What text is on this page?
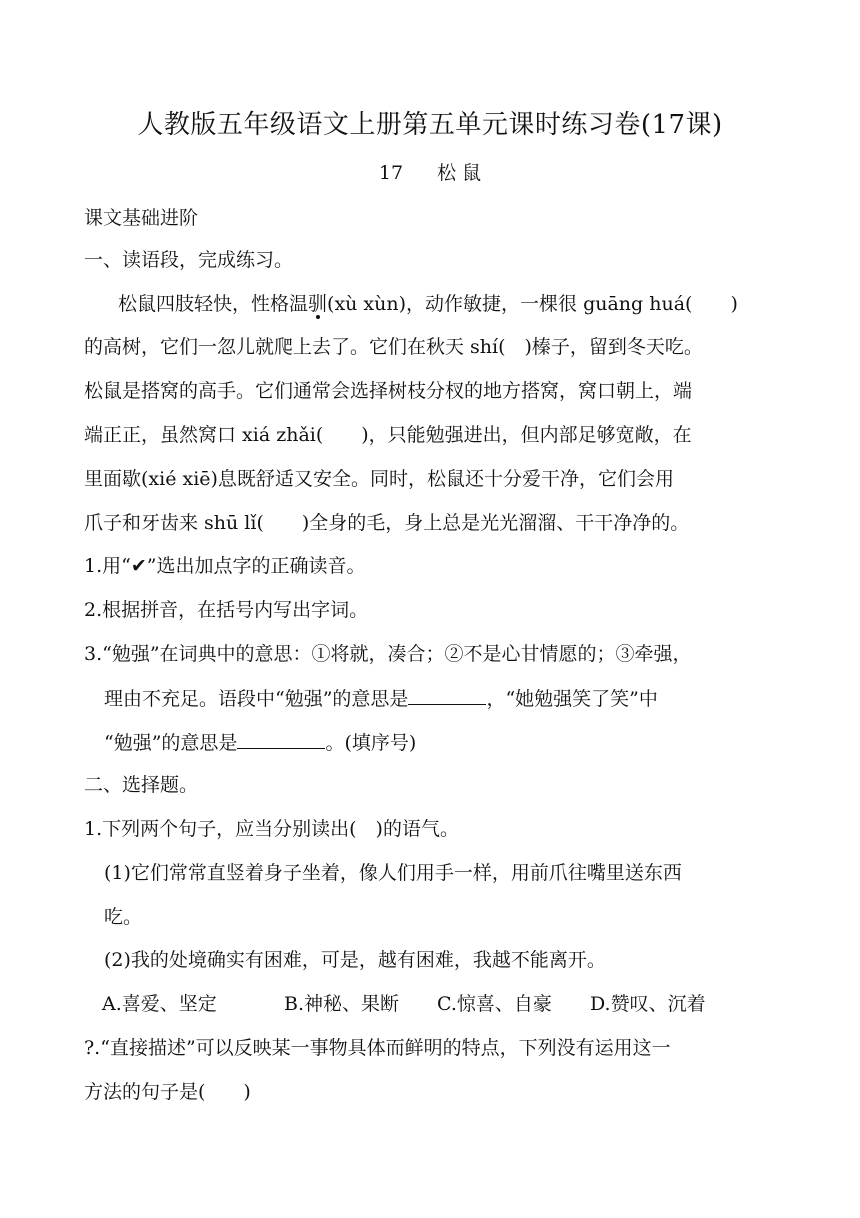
人教版五年级语文上册第五单元课时练习卷(17课)
17 松 鼠
课文基础进阶
一、读语段，完成练习。
松鼠四肢轻快，性格温驯(xù xùn)，动作敏捷，一棵很 guāng huá(　　)
的高树，它们一忽儿就爬上去了。它们在秋天 shí(　)榛子，留到冬天吃。
松鼠是搭窝的高手。它们通常会选择树枝分杈的地方搭窝，窝口朝上，端
端正正，虽然窝口 xiá zhǎi(　　)，只能勉强进出，但内部足够宽敞，在
里面歇(xié xiē)息既舒适又安全。同时，松鼠还十分爱干净，它们会用
爪子和牙齿来 shū lǐ(　　)全身的毛，身上总是光光溜溜、干干净净的。
1.用“✔”选出加点字的正确读音。
2.根据拼音，在括号内写出字词。
3.“勉强”在词典中的意思：①将就，凑合；②不是心甘情愿的；③牵强，
理由不充足。语段中“勉强”的意思是	，“她勉强笑了笑”中
“勉强”的意思是	。(填序号)
二、选择题。
1.下列两个句子，应当分别读出(　)的语气。
(1)它们常常直竖着身子坐着，像人们用手一样，用前爪往嘴里送东西
吃。
(2)我的处境确实有困难，可是，越有困难，我越不能离开。
A.喜爱、坚定	B.神秘、果断 C.惊喜、自豪 D.赞叹、沉着
?.“直接描述”可以反映某一事物具体而鲜明的特点，下列没有运用这一
方法的句子是(　　)
